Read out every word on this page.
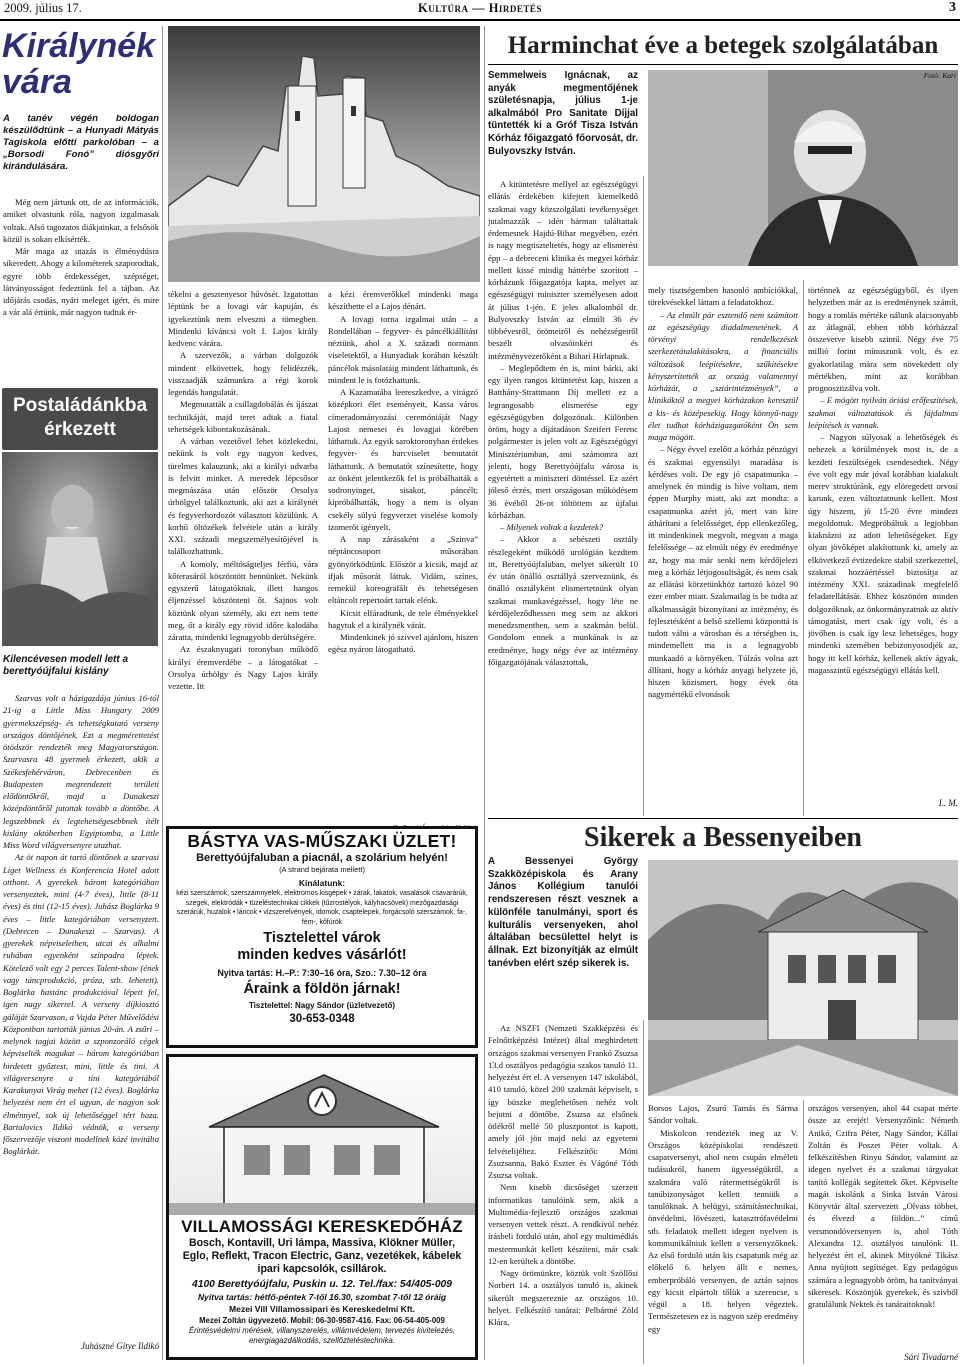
2009. július 17.	Kultúra — Hirdetés	3
Királynék
vára
A tanév végén boldogan készülődtünk – a Hunyadi Mátyás Tagiskola előtti parkolóban – a „Borsodi Fonó” diósgyőri kirándulására.

Még nem jártunk ott, de az információk, amiket olvastunk róla, nagyon izgalmasak voltak. Alsó tagozatos diákjainkat, a felsősök közül is sokan elkísérték.

Már maga az utazás is élménydúsra sikeredett. Ahogy a kilométerek szaporodtak, egyre több érdekességet, szépséget, látványosságot fedeztünk fel a tájban. Az időjárás csodás, nyári meleget ígért, és mire a vár alá értünk, már nagyon tudtuk ér-

tékelni a gesztenyesor hűvösét. Izgatottan léptünk be a lovagi vár kapuján, és igyekeztünk nem elveszni a tömegben. Mindenki kíváncsi volt I. Lajos király kedvenc várára.

A szervezők, a várban dolgozók mindent elkövettek, hogy felidézzék, visszaadják számunkra a régi korok legendás hangulatát.

Megmutatták a csillagdobálás és íjászat technikáját, majd teret adtak a fiatal tehetségek kibontakozásának.

A várban vezetővel lehet közlekedni, nekünk is volt egy nagyon kedves, türelmes kalauzunk, aki a királyi udvarba is felvitt minket. A meredek lépcsősor megmászása után először Orsolya úrhölgyel találkoztunk, aki azt a királynét és fegyverhordozót választott közülünk. A korhű öltözékek felvétele után a király XXI. századi megszemélyesítőjével is találkozhattunk.

A komoly, méltóságteljes férfiú, vára kőterasáról köszöntött bennünket. Nekünk egyszerű látogatóknak, illett hangos éljenzéssel köszönteni őt. Sajnos volt köztünk olyan személy, aki ezt nem tette meg, őt a király egy rövid időre kalodába záratta, mindenki legnagyobb derültségére.

Az északnyugati toronyban működő királyi éremverdébe – a látogatókat – Orsolya úrhölgy és Nagy Lajos király vezette. Itt

a kézi éremverőkkel mindenki maga készíthette el a Lajos dénárt.

A lovagi torna izgalmai után – a Rondellában – fegyver- és páncélkiállítást néztünk, ahol a X. századi normann viseletektől, a Hunyadiak korában készült páncélok másolatáig mindent láthattunk, és mindent le is fotózhattunk.

A Kazamatába leereszkedve, a virágzó középkori élet eseményeit, Kassa város címeradományozási ceremóniáját Nagy Lajost nemesei és lovagjai körében láthattuk. Az egyik saroktoronyban érdekes fegyver- és harcviselet bemutatót láthattunk. A bemutatót színesítette, hogy az önként jelentkezők fel is próbálhatták a sodronyinget, sisakot, páncélt; kipróbálhatták, hogy a nem is olyan csekély súlyú fegyverzet viselése komoly izomerőt igényelt.

A nap zárásaként a „Szinva” néptáncosoport műsorában gyönyörködtünk. Először a kicsik, majd az ifjak műsorát láttuk. Vidám, színes, remekül koreografált és tehetségesen eltáncolt repertoárt tartak elénk.

Kicsit elfáradtunk, de tele élményekkel hagytuk el a királynék várát.

Mindenkinek jó szívvel ajánlom, hiszen egész nyáron látogatható.

Postaládánkba érkezett
Kilencévesen modell lett a berettyóújfalui kislány

Szarvas volt a házigazdája június 16-tól 21-ig a Little Miss Hungary 2009 gyermekszépség- és tehetségkutató verseny országos döntőjének. Ezt a megmérettetést ötödször rendezték meg Magyarországon. Szarvasra 48 gyermek érkezett, akik a Székesfehérváron, Debrecenben és Budapesten megrendezett területi elődöntőkről, majd a Dunakeszi középdöntőről jutottak tovább a döntőbe. A legszebbnek és legtehetségesebbnek ítélt kislány októberben Egyiptomba, a Little Miss Word világversenyre utazhat.

Az öt napon át tartó döntőnek a szarvasi Liget Wellness és Konferencia Hotel adott otthont. A gyerekek három kategóriában versenyeztek, mini (4-7 éves), little (8-11 éves) és tini (12-15 éves). Juhász Boglárka 9 éves – little kategóriában versenyzett. (Debrecen – Dunakeszi – Szarvas). A gyerekek népviseletben, utcai és alkalmi ruhában egyenként színpadra léptek. Kötelező volt egy 2 perces Talent-show (ének vagy táncprodukció, próza, stb. lehetett). Boglárka hastánc produkcióval lépett fel, igen nagy sikerrel. A verseny díjkiosztó gáláját Szarvason, a Vajda Péter Művelődési Központban tartották június 20-án. A zsűri – melynek tagjai között a szponzoráló cégek képviselték magukat – három kategóriában hirdetett győztest, mini, little és tini. A világversenyre a tini kategóriából Karakunyai Virág mehet (12 éves). Boglárka helyezést nem ért el ugyan, de nagyon sok élménnyel, sok új lehetőséggel tért haza. Bartalovics Ildikó védnök, a verseny főszervezője viszont modellnek közé invitálta Boglárkát.

Juhászné Gitye Ildikó
BÁSTYA VAS-MŰSZAKI ÜZLET!
Berettyóújfaluban a piacnál, a szolárium helyén!
(A strand bejárata mellett)
Kínálatunk:
kézi szerszámok, szerszámnyelek, elektromos kisgépek • zárak, lakatok, vasalások csavarárúk, szegek, elektródák • tüzeléstechnikai cikkek (tűzrostélyok, kályhacsövek) mezőgazdasági szerárúk, huzalok • láncok • vízszerelvények, idomok, csaptelepek, forgácsoló szerszámok, fa-, fém-, kőfúrók
Tisztelettel várok
minden kedves vásárlót!
Nyitva tartás: H.–P.: 7:30–16 óra, Szo.: 7.30–12 óra
Áraink a földön járnak!
Tisztelettel: Nagy Sándor (üzletvezető)
30-653-0348
VILLAMOSSÁGI KERESKEDŐHÁZ
Bosch, Kontavill, Uri lámpa, Massiva, Klökner Müller, Eglo, Reflekt, Tracon Electric, Ganz, vezetékek, kábelek ipari kapcsolók, csillárok.
4100 Berettyóújfalu, Puskin u. 12. Tel./fax: 54/405-009
Nyitva tartás: hétfő-péntek 7-től 16.30, szombat 7-től 12 óráig
Mezei Vill Villamossipari és Kereskedelmi Kft.
Mezei Zoltán ügyvezető. Mobil: 06-30-9587-416. Fax: 06-54-405-009
Érintésvédelmi mérések, villanyszerelés, villámvédelem, tervezés kivitelezés, energiagazdálkodás, szellőztetéstechnika.
Harminchat éve a betegek szolgálatában
Semmelweis Ignácnak, az anyák megmentőjének születésnapja, július 1-je alkalmából Pro Sanitate Díjjal tüntették ki a Gróf Tisza István Kórház főigazgató főorvosát, dr. Bulyovszky István.
Fotó: Kari

A kitüntetésre mellyel az egészségügyi ellátás érdekében kifejtett kiemelkedő szakmai vagy közszolgálati tevékenységet jutalmazzák – idén hárman találtattak érdemesnek Hajdú-Bihar megyében, ezért is nagy megtiszteltetés, hogy az elismerést épp – a debreceni klinika és megyei kórház mellett kissé mindig háttérbe szorított – kórházunk főigazgatója kapta, melyet az egészségügyi miniszter személyesen adott át július 1-jén. E jeles alkalomból dr. Bulyovszky István az elmúlt 36 év többévesről, örömeiről és nehézségeiről beszélt olvasóinkért és intézményvezetőként a Bihari Hírlapnak.

– Meglepődtem én is, mint bárki, aki egy ilyen rangos kitüntetést kap, hiszen a Batthány-Strattmann Díj mellett ez a legrangosabb elismerése egy egészségügyben dolgozónak. Különben öröm, hogy a díjátadáson Szeifert Ferenc polgármester is jelen volt az Egészségügyi Minisztériumban, ami számomra azt jelenti, hogy Berettyóújfalu városa is egyetértett a miniszteri döntéssel. Ez azért jóleső érzés, mert országosan működésem 36 évéből 26-ot töltöttem az újfalui kórházban.

– Milyenek voltak a kezdetek?

– Akkor a sebészeti osztály részlegeként működő urológián kezdtem itt, Berettyóújfaluban, melyet sikerült 10 év után önálló osztállyá szerveznünk, és önálló osztályként elismertetnünk olyan szakmai munkavégzéssel, hogy léte ne kérdőjeleződhessen meg sem az akkori menedzsmentben, sem a szakmán belül. Gondolom ennek a munkának is az eredménye, hogy négy éve az intézmény főigazgatójának választottak,

mely tisztségemben hasonló ambíciókkal, törekvésekkel láttam a feladatokhoz.

– Az elmúlt pár esztendő nem számított az egészségügy diadalmenetének. A törvényi rendelkezések szerkezetátalakításokra, a financiális változások leépítésekre, szűkítésekre kényszerítették az ország valamennyi kórházát, a „sztárintézmények”, a klinikáktól a megyei kórházakon keresztül a kis- és középesekig. Hogy könnyű-nagy élet tudhat kórházigazgatóként Ön sem maga mögött.

– Négy évvel ezelőtt a kórház pénzügyi és szakmai egyensúlyi maradása is kérdéses volt. De egy jó csapatmunka – amelynek én mindig is híve voltam, nem éppen Murphy miatt, aki azt mondta: a csapatmunka azért jó, mert van kire áthárítani a felelősséget, épp ellenkezőleg, itt mindenkinek megvolt, megvan a maga felelőssége – az elmúlt négy év eredménye az, hogy ma már senki nem kérdőjelezi meg a kórház létjogosultságát, és nem csak az ellátási körzetünkhöz tartozó közel 90 ezer ember miatt. Szakmailag is be tudta az alkalmasságát bizonyítani az intézmény, és fejlesztésként a belső szellemi központtá is tudott válni a városban és a térségben is, mindemellett ma is a legnagyobb munkaadó a környéken. Túlzás volna azt állítani, hogy a kórház anyagi helyzete jó, hiszen közismert, hogy évek óta nagymértékű elvonások

történnek az egészségügyből, és ilyen helyzetben már az is eredménynek számít, hogy a romlás mértéke nálunk alacsonyabb az átlagnál, ebben több kórházzal összevetve kisebb szintű. Négy éve 75 millió forint mínuszunk volt, és ez gyakorlatilag mára sem növekedett oly mértékben, mint az korábban prognosztizálva volt.

– E mögött nyilván óriási erőfeszítések, szakmai változtatások és fájdalmas leépítések is vannak.

– Nagyon súlyosak a lehetőségek és nehezek a körülmények most is, de a kezdeti feszültségek csendesedtek. Négy éve volt egy már jóval korábban kialakult merev struktúránk, egy elöregedett orvosi karunk, ezen változtatnunk kellett. Most úgy hiszem, jó 15-20 évre mindezt megoldottuk. Megpróbáltuk a legjobban kiaknázni az adott lehetőségeket. Egy olyan jövőképet alakítottunk ki, amely az elkövetkező évtizedekre stabil szerkezettel, szakmai hozzáértéssel biztosítja az intézmény XXI. századinak megfelelő feladatellátását. Ehhez köszönöm minden dolgozóknak, az önkormányzatnak az aktív támogatást, mert csak így volt, és a jövőben is csak így lesz lehetséges, hogy mindenki szemében bebizonyosodjék az, hogy itt kell kórház, kellenek aktív ágyak, magasszintű egészségügyi ellátás kell.

L. M.
Sikerek a Bessenyeiben
A Bessenyei György Szakközépiskola és Arany János Kollégium tanulói rendszeresen részt vesznek a különféle tanulmányi, sport és kulturális versenyeken, ahol általában becsülettel helyt is állnak. Ezt bizonyítják az elmúlt tanévben elért szép sikerek is.

Az NSZFI (Nemzeti Szakképzési és Felnőttképzési Intézet) által meghirdetett országos szakmai versenyen Frankó Zsuzsa 13.d osztályos pedagógia szakos tanuló 11. helyezést ért el. A versenyen 147 iskolából, 410 tanuló, közel 200 szakmát képviselt, s így büszke meglehetősen nehéz volt bejutni a döntőbe. Zsuzsa az elsőnek ötlékről mellé 50 pluszpontot is kapott, amely jól jön majd neki az egyetemi felvételijéhez. Felkészítői: Móni Zsuzsanna, Bakó Eszter és Vágóné Tóth Zsuzsa voltak.

Nem kisebb dicsőséget szerzett informatikus tanulóink sem, akik a Multimédia-fejlesztő országos szakmai versenyen vettek részt. A rendkívül nehéz írásbeli forduló után, ahol egy multimédiás mestermunkát kellett készíteni, már csak 12-en kerültek a döntőbe.

Nagy örömünkre, köztük volt Szöllősi Norbert 14. a osztályos tanuló is, akinek sikerült megszereznie az országos 10. helyet. Felkészítő tanárai: Pelbártné Zöld Klára,

Borsos Lajos, Zsuró Tamás és Sárma Sándor voltak.

Miskolcon rendezték meg az V. Országos középiskolai rendészeti csapatversenyt, ahol nem csupán elméleti tudásukról, hanem ügyességükről, a szakmára való rátermettségükről is tanúbizonyságot kellett tenniük a tanulóknak. A belügyi, számítástechnikai, önvédelmi, lövészeti, katasztrófavédelmi stb. feladatok mellett idegen nyelven is kommunikálniuk kellett a versenyzőknek. Az első forduló után kis csapatunk még az előkelő 6. helyen állt e nemes, emberpróbáló versenyen, de aztán sajnos egy kicsit elpártolt tőlük a szerencse, s végül a 18. helyen végeztek. Természetesen ez is nagyon szép eredmény egy

országos versenyen, ahol 44 csapat mérte össze az erejét! Versenyzőink: Németh Anikó, Czifra Péter, Nagy Sándor, Kállai Zoltán és Poszet Péter voltak. A felkészítésben Rinyu Sándor, valamint az idegen nyelvet és a szakmai tárgyakat tanító kollégák segítettek őket. Képviselte magát iskolánk a Sinka István Városi Könyvtár által szervezett „Olvass többet, és élvezd a földön...” című versmondóversenyen is, ahol Tóth Alexandra 12. osztályos tanulónk II. helyezést ért el, akinek Mityókné Tikász Anna nyújtott segítséget. Egy pedagógus számára a legnagyobb öröm, ha tanítványai sikeresek. Köszönjük gyerekek, és szívből gratulálunk Nektek és tanáraitoknak!

Sári Tivadarné
